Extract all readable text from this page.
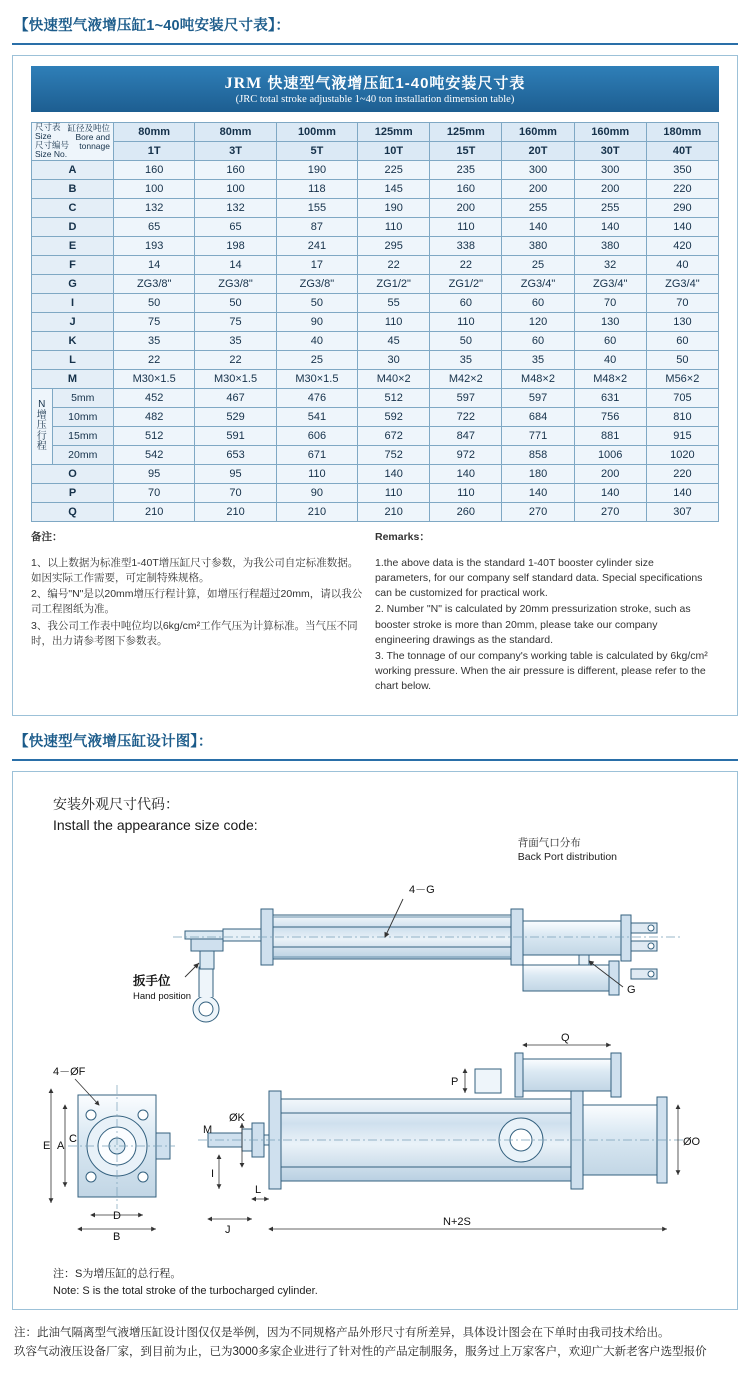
【快速型气液增压缸1~40吨安装尺寸表】：
JRM 快速型气液增压缸1-40吨安装尺寸表
(JRC total stroke adjustable 1~40 ton installation dimension table)
缸径及吨位
Bore and
tonnage
尺寸表
Size
尺寸编号
Size No.
	80mm	80mm	100mm	125mm	125mm	160mm	160mm	180mm
		1T	3T	5T	10T	15T	20T	30T	40T
A		160	160	190	225	235	300	300	350
B		100	100	118	145	160	200	200	220
C		132	132	155	190	200	255	255	290
D		65	65	87	110	110	140	140	140
E		193	198	241	295	338	380	380	420
F		14	14	17	22	22	25	32	40
G		ZG3/8"	ZG3/8"	ZG3/8"	ZG1/2"	ZG1/2"	ZG3/4"	ZG3/4"	ZG3/4"
I		50	50	50	55	60	60	70	70
J		75	75	90	110	110	120	130	130
K		35	35	40	45	50	60	60	60
L		22	22	25	30	35	35	40	50
M		M30×1.5	M30×1.5	M30×1.5	M40×2	M42×2	M48×2	M48×2	M56×2

N
增
压
行
程	5mm	452	467	476	512	597	597	631	705
	10mm	482	529	541	592	722	684	756	810
	15mm	512	591	606	672	847	771	881	915
	20mm	542	653	671	752	972	858	1006	1020
O		95	95	110	140	140	180	200	220
P		70	70	90	110	110	140	140	140
Q		210	210	210	210	260	270	270	307
备注：
1、以上数据为标准型1-40T增压缸尺寸参数，为我公司自定标准数据。如因实际工作需要，可定制特殊规格。
2、编号"N"是以20mm增压行程计算，如增压行程超过20mm，请以我公司工程图纸为准。
3、我公司工作表中吨位均以6kg/cm²工作气压为计算标准。当气压不同时，出力请参考图下参数表。
Remarks：
1.the above data is the standard 1-40T booster cylinder size parameters, for our company self standard data. Special specifications can be customized for practical work.
2. Number "N" is calculated by 20mm pressurization stroke, such as booster stroke is more than 20mm, please take our company engineering drawings as the standard.
3. The tonnage of our company's working table is calculated by 6kg/cm² working pressure. When the air pressure is different, please refer to the chart below.
【快速型气液增压缸设计图】：
安装外观尺寸代码：
Install the appearance size code:
背面气口分布
Back Port distribution
4－G
G
扳手位
Hand position
E A
D
B
4－ØF
Q
P
ØO
ØK
M
I
L
J
N+2S
C
注：S为增压缸的总行程。
Note: S is the total stroke of the turbocharged cylinder.
注：此油气隔离型气液增压缸设计图仅仅是举例，因为不同规格产品外形尺寸有所差异，具体设计图会在下单时由我司技术给出。
玖容气动液压设备厂家，到目前为止，已为3000多家企业进行了针对性的产品定制服务，服务过上万家客户，欢迎广大新老客户选型报价
